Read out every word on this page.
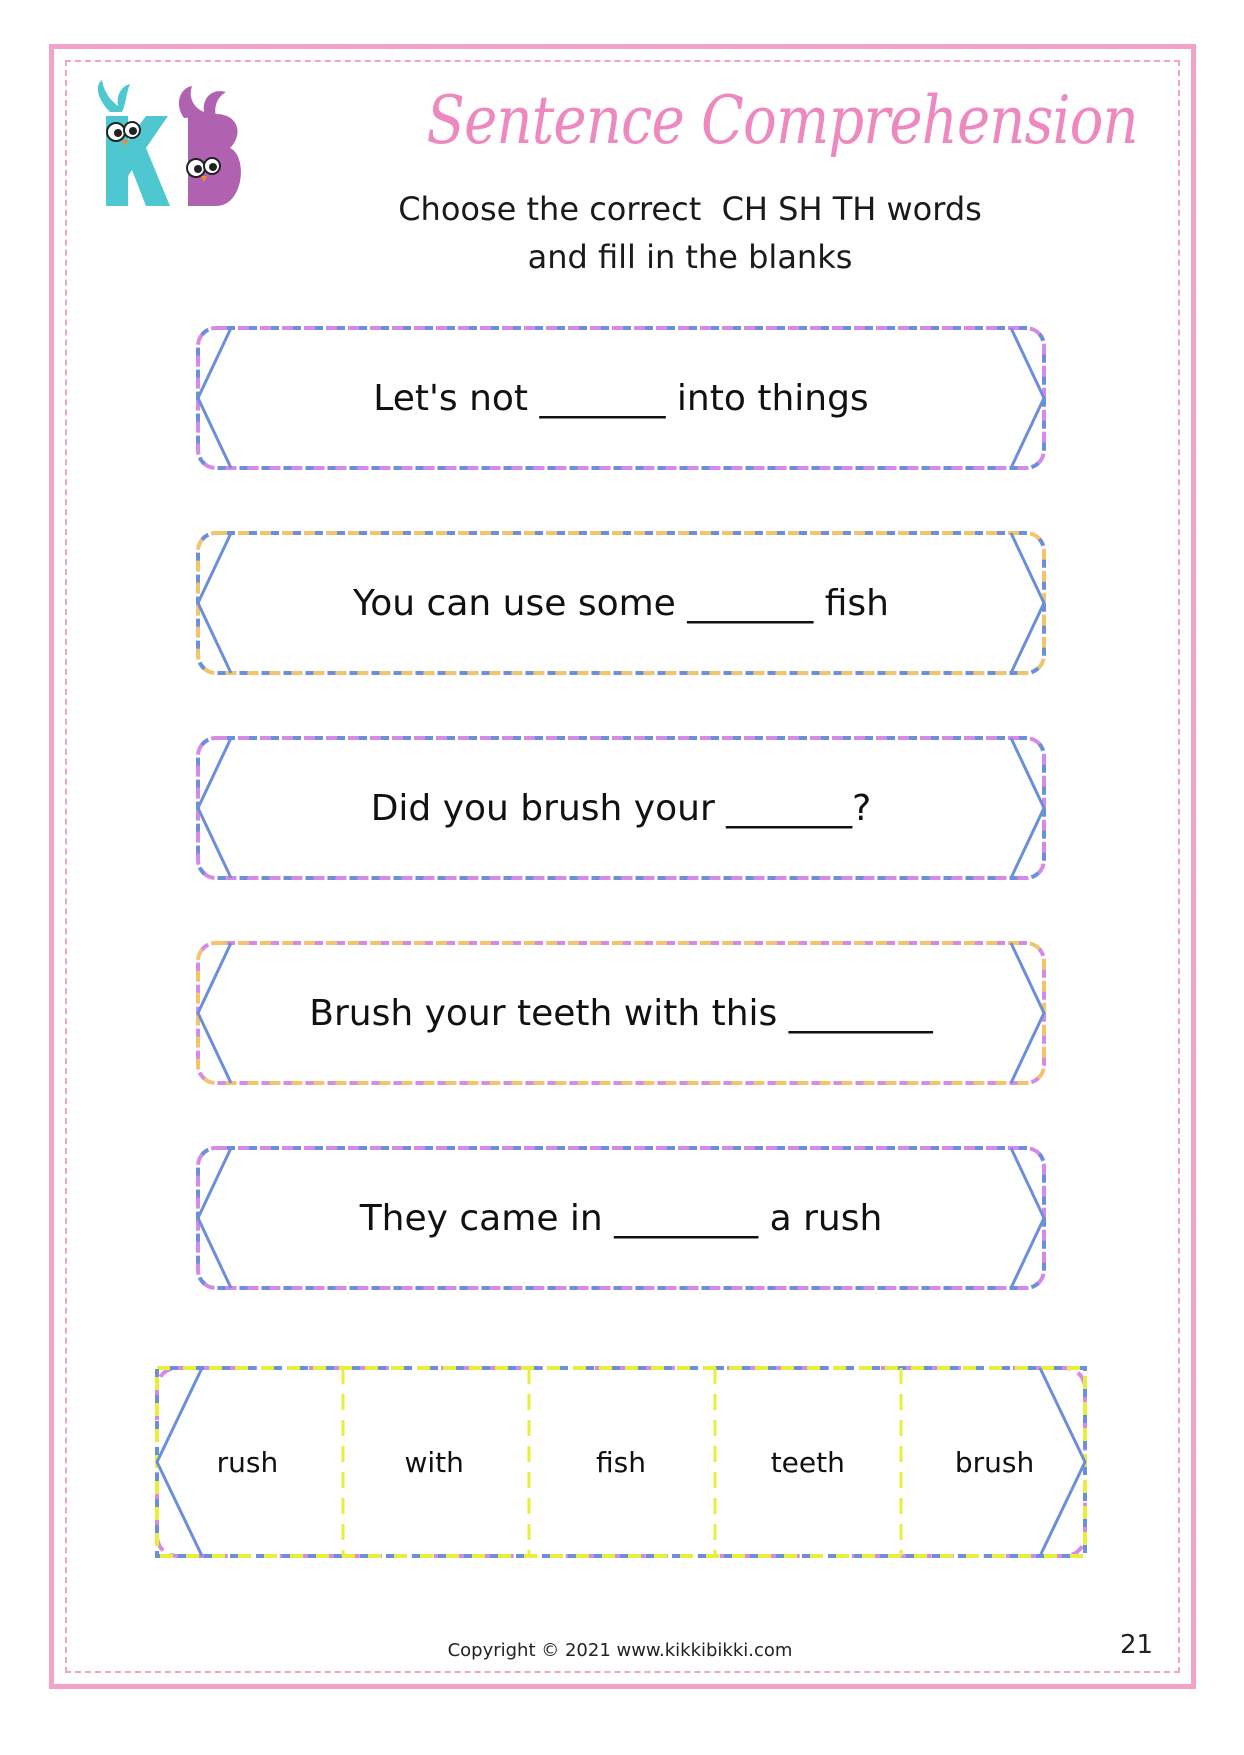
Sentence Comprehension
Choose the correct  CH SH TH words
and fill in the blanks
Let's not _______ into things
You can use some _______ fish
Did you brush your _______?
Brush your teeth with this ________
They came in ________ a rush
rush	with	fish	teeth	brush
Copyright © 2021 www.kikkibikki.com	21
